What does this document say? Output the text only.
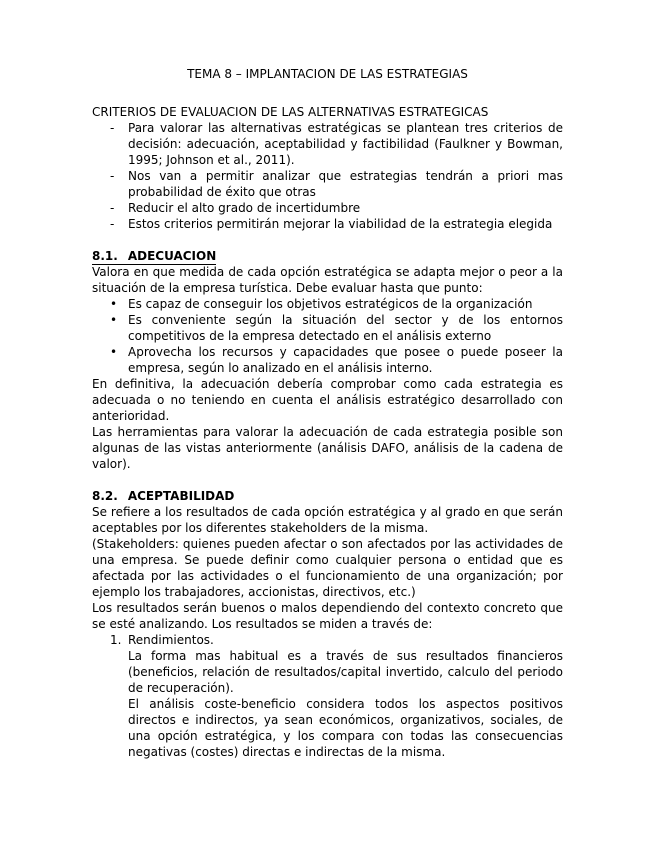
TEMA 8 – IMPLANTACION DE LAS ESTRATEGIAS
CRITERIOS DE EVALUACION DE LAS ALTERNATIVAS ESTRATEGICAS
- Para valorar las alternativas estratégicas se plantean tres criterios de decisión: adecuación, aceptabilidad y factibilidad (Faulkner y Bowman, 1995; Johnson et al., 2011).
- Nos van a permitir analizar que estrategias tendrán a priori mas probabilidad de éxito que otras
- Reducir el alto grado de incertidumbre
- Estos criterios permitirán mejorar la viabilidad de la estrategia elegida
8.1. ADECUACION

Valora en que medida de cada opción estratégica se adapta mejor o peor a la situación de la empresa turística. Debe evaluar hasta que punto:

• Es capaz de conseguir los objetivos estratégicos de la organización
• Es conveniente según la situación del sector y de los entornos competitivos de la empresa detectado en el análisis externo
• Aprovecha los recursos y capacidades que posee o puede poseer la empresa, según lo analizado en el análisis interno.

En definitiva, la adecuación debería comprobar como cada estrategia es adecuada o no teniendo en cuenta el análisis estratégico desarrollado con anterioridad.

Las herramientas para valorar la adecuación de cada estrategia posible son algunas de las vistas anteriormente (análisis DAFO, análisis de la cadena de valor).

8.2. ACEPTABILIDAD

Se refiere a los resultados de cada opción estratégica y al grado en que serán aceptables por los diferentes stakeholders de la misma.

(Stakeholders: quienes pueden afectar o son afectados por las actividades de una empresa. Se puede definir como cualquier persona o entidad que es afectada por las actividades o el funcionamiento de una organización; por ejemplo los trabajadores, accionistas, directivos, etc.)

Los resultados serán buenos o malos dependiendo del contexto concreto que se esté analizando. Los resultados se miden a través de:

1. Rendimientos.

La forma mas habitual es a través de sus resultados financieros (beneficios, relación de resultados/capital invertido, calculo del periodo de recuperación).

El análisis coste-beneficio considera todos los aspectos positivos directos e indirectos, ya sean económicos, organizativos, sociales, de una opción estratégica, y los compara con todas las consecuencias negativas (costes) directas e indirectas de la misma.
